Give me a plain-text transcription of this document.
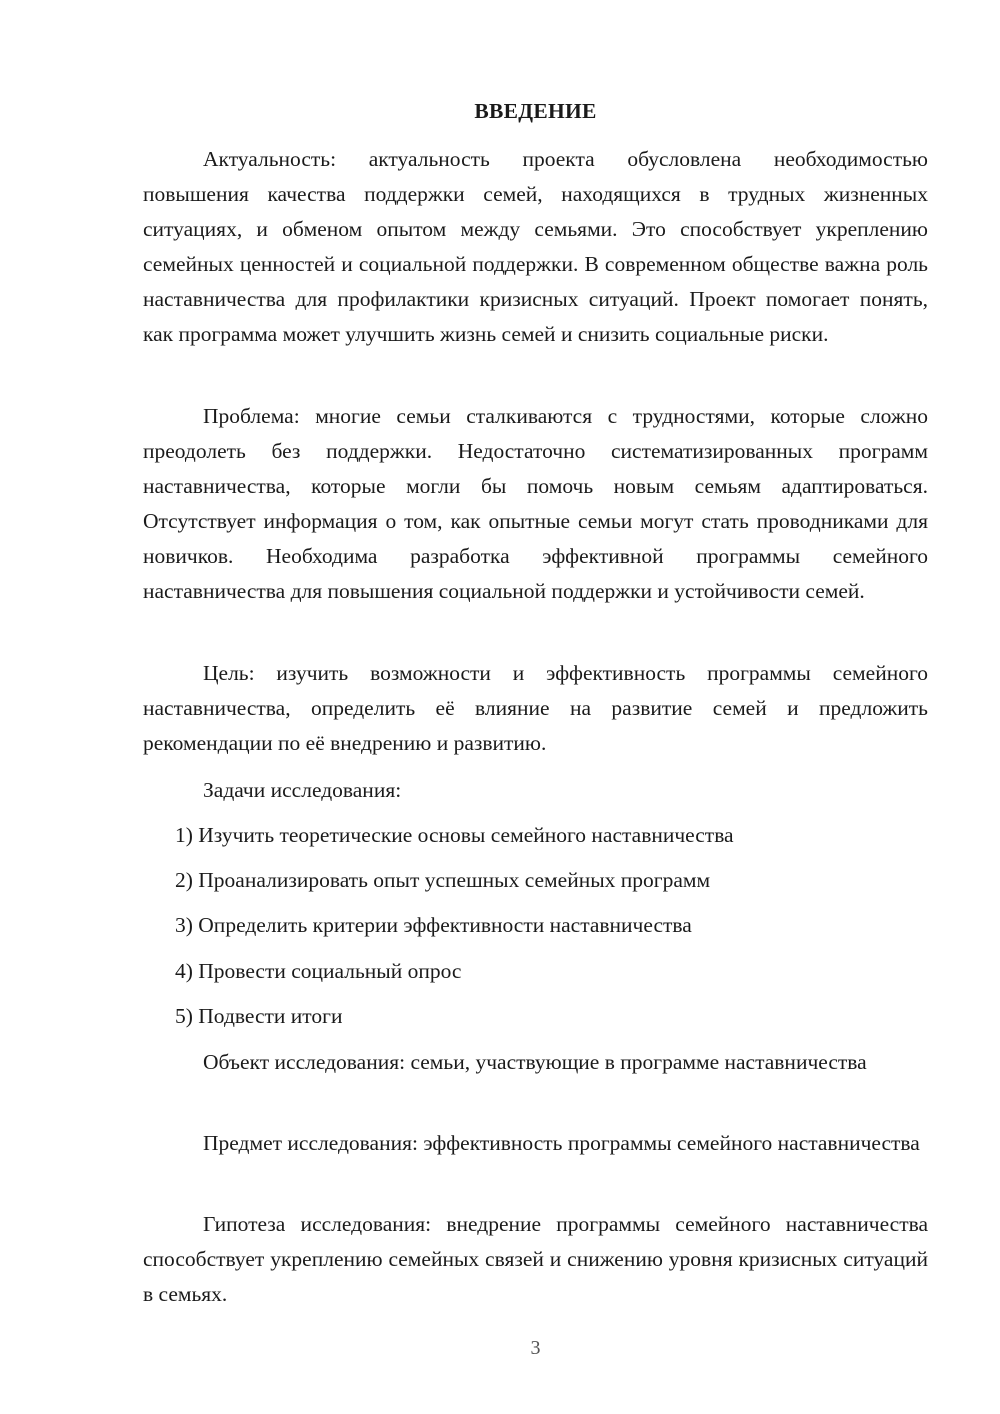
ВВЕДЕНИЕ

Актуальность: актуальность проекта обусловлена необходимостью повышения качества поддержки семей, находящихся в трудных жизненных ситуациях, и обменом опытом между семьями. Это способствует укреплению семейных ценностей и социальной поддержки. В современном обществе важна роль наставничества для профилактики кризисных ситуаций. Проект помогает понять, как программа может улучшить жизнь семей и снизить социальные риски.

Проблема: многие семьи сталкиваются с трудностями, которые сложно преодолеть без поддержки. Недостаточно систематизированных программ наставничества, которые могли бы помочь новым семьям адаптироваться. Отсутствует информация о том, как опытные семьи могут стать проводниками для новичков. Необходима разработка эффективной программы семейного наставничества для повышения социальной поддержки и устойчивости семей.

Цель: изучить возможности и эффективность программы семейного наставничества, определить её влияние на развитие семей и предложить рекомендации по её внедрению и развитию.

Задачи исследования:

1) Изучить теоретические основы семейного наставничества

2) Проанализировать опыт успешных семейных программ

3) Определить критерии эффективности наставничества

4) Провести социальный опрос

5) Подвести итоги

Объект исследования: семьи, участвующие в программе наставничества

Предмет исследования: эффективность программы семейного наставничества

Гипотеза исследования: внедрение программы семейного наставничества способствует укреплению семейных связей и снижению уровня кризисных ситуаций в семьях.

3
